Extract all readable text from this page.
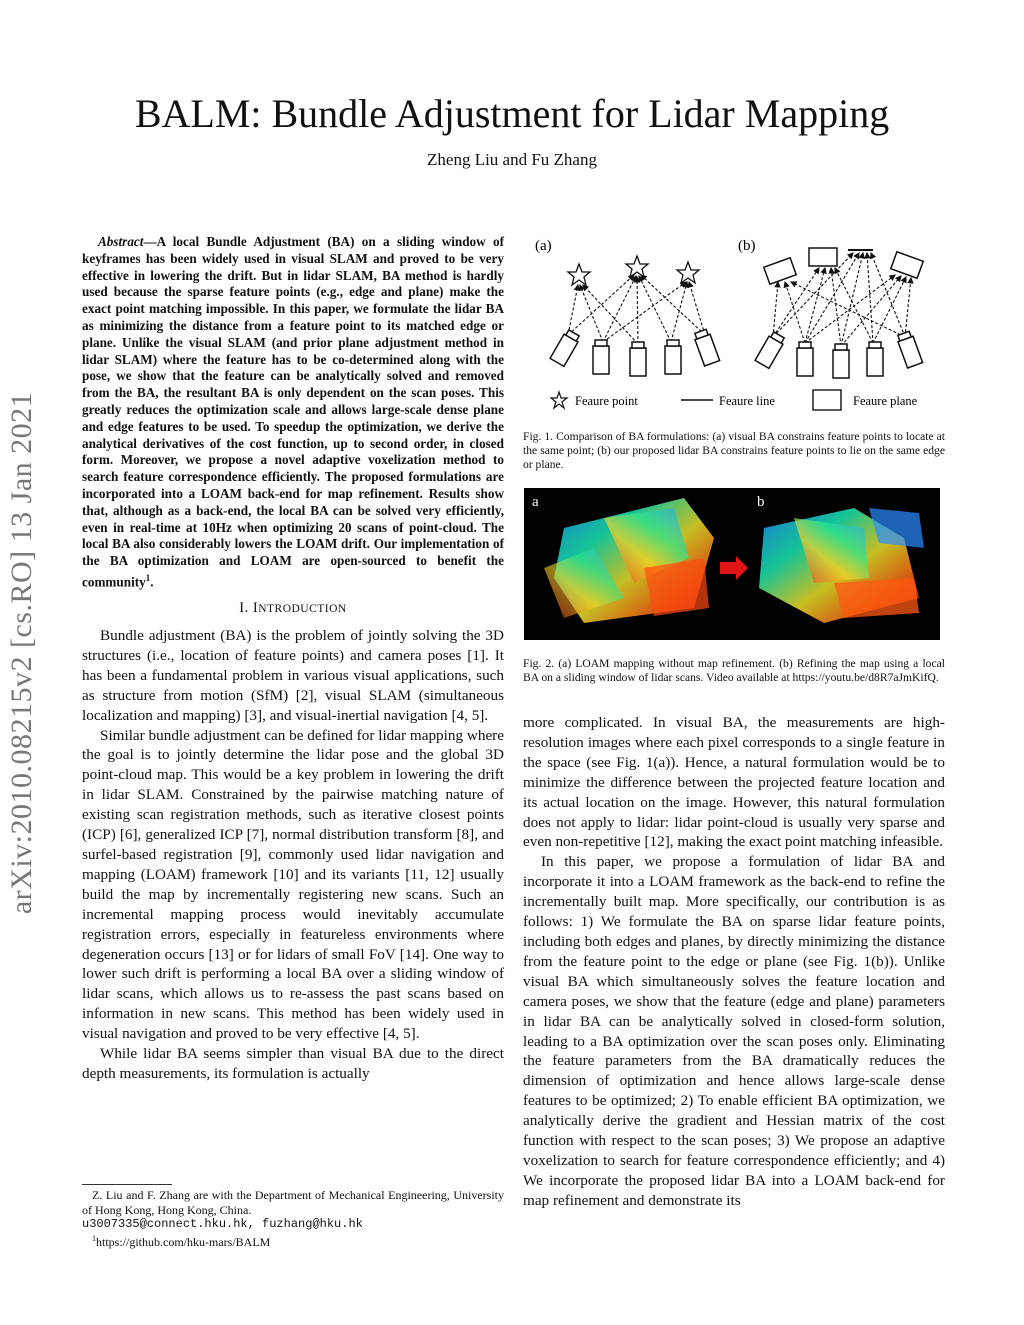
BALM: Bundle Adjustment for Lidar Mapping
Zheng Liu and Fu Zhang
arXiv:2010.08215v2 [cs.RO] 13 Jan 2021

Abstract—A local Bundle Adjustment (BA) on a sliding window of keyframes has been widely used in visual SLAM and proved to be very effective in lowering the drift. But in lidar SLAM, BA method is hardly used because the sparse feature points (e.g., edge and plane) make the exact point matching impossible. In this paper, we formulate the lidar BA as minimizing the distance from a feature point to its matched edge or plane. Unlike the visual SLAM (and prior plane adjustment method in lidar SLAM) where the feature has to be co-determined along with the pose, we show that the feature can be analytically solved and removed from the BA, the resultant BA is only dependent on the scan poses. This greatly reduces the optimization scale and allows large-scale dense plane and edge features to be used. To speedup the optimization, we derive the analytical derivatives of the cost function, up to second order, in closed form. Moreover, we propose a novel adaptive voxelization method to search feature correspondence efficiently. The proposed formulations are incorporated into a LOAM back-end for map refinement. Results show that, although as a back-end, the local BA can be solved very efficiently, even in real-time at 10Hz when optimizing 20 scans of point-cloud. The local BA also considerably lowers the LOAM drift. Our implementation of the BA optimization and LOAM are open-sourced to benefit the community$^1$.

I. INTRODUCTION

Bundle adjustment (BA) is the problem of jointly solving the 3D structures (i.e., location of feature points) and camera poses [1]. It has been a fundamental problem in various visual applications, such as structure from motion (SfM) [2], visual SLAM (simultaneous localization and mapping) [3], and visual-inertial navigation [4, 5].

Similar bundle adjustment can be defined for lidar mapping where the goal is to jointly determine the lidar pose and the global 3D point-cloud map. This would be a key problem in lowering the drift in lidar SLAM. Constrained by the pairwise matching nature of existing scan registration methods, such as iterative closest points (ICP) [6], generalized ICP [7], normal distribution transform [8], and surfel-based registration [9], commonly used lidar navigation and mapping (LOAM) framework [10] and its variants [11, 12] usually build the map by incrementally registering new scans. Such an incremental mapping process would inevitably accumulate registration errors, especially in featureless environments where degeneration occurs [13] or for lidars of small FoV [14]. One way to lower such drift is performing a local BA over a sliding window of lidar scans, which allows us to re-assess the past scans based on information in new scans. This method has been widely used in visual navigation and proved to be very effective [4, 5].

While lidar BA seems simpler than visual BA due to the direct depth measurements, its formulation is actually

Z. Liu and F. Zhang are with the Department of Mechanical Engineering, University of Hong Kong, Hong Kong, China.

u3007335@connect.hku.hk, fuzhang@hku.hk

$^1$https://github.com/hku-mars/BALM

(a)	(b)
Feaure point	Feaure line	Feaure plane
Fig. 1. Comparison of BA formulations: (a) visual BA constrains feature points to locate at the same point; (b) our proposed lidar BA constrains feature points to lie on the same edge or plane.
a	b
Fig. 2. (a) LOAM mapping without map refinement. (b) Refining the map using a local BA on a sliding window of lidar scans. Video available at https://youtu.be/d8R7aJmKifQ.

more complicated. In visual BA, the measurements are high-resolution images where each pixel corresponds to a single feature in the space (see Fig. 1(a)). Hence, a natural formulation would be to minimize the difference between the projected feature location and its actual location on the image. However, this natural formulation does not apply to lidar: lidar point-cloud is usually very sparse and even non-repetitive [12], making the exact point matching infeasible.

In this paper, we propose a formulation of lidar BA and incorporate it into a LOAM framework as the back-end to refine the incrementally built map. More specifically, our contribution is as follows: 1) We formulate the BA on sparse lidar feature points, including both edges and planes, by directly minimizing the distance from the feature point to the edge or plane (see Fig. 1(b)). Unlike visual BA which simultaneously solves the feature location and camera poses, we show that the feature (edge and plane) parameters in lidar BA can be analytically solved in closed-form solution, leading to a BA optimization over the scan poses only. Eliminating the feature parameters from the BA dramatically reduces the dimension of optimization and hence allows large-scale dense features to be optimized; 2) To enable efficient BA optimization, we analytically derive the gradient and Hessian matrix of the cost function with respect to the scan poses; 3) We propose an adaptive voxelization to search for feature correspondence efficiently; and 4) We incorporate the proposed lidar BA into a LOAM back-end for map refinement and demonstrate its
